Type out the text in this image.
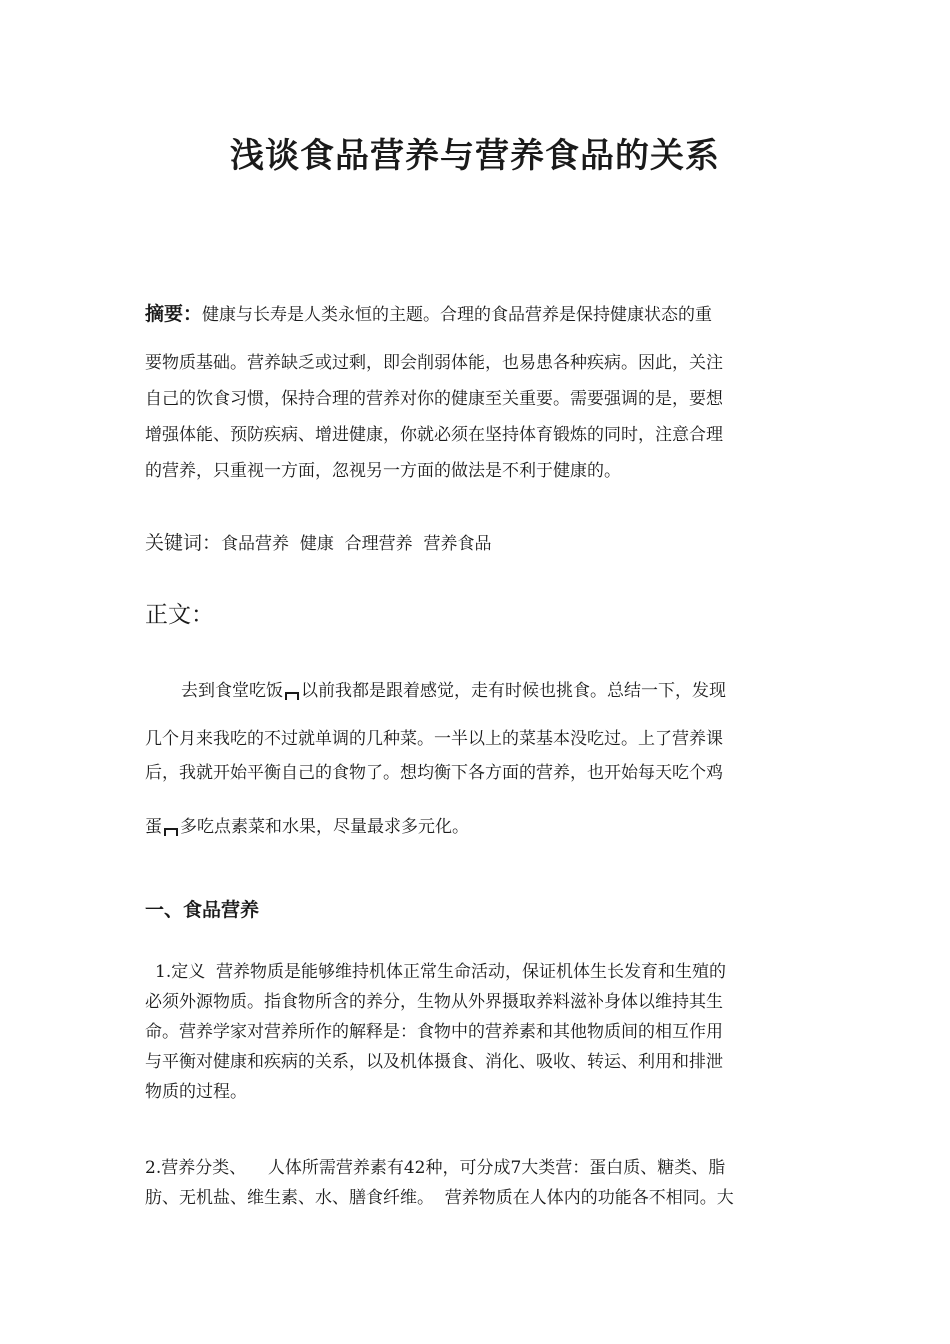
浅谈食品营养与营养食品的关系
摘要：健康与长寿是人类永恒的主题。合理的食品营养是保持健康状态的重
要物质基础。营养缺乏或过剩，即会削弱体能，也易患各种疾病。因此，关注
自己的饮食习惯，保持合理的营养对你的健康至关重要。需要强调的是，要想
增强体能、预防疾病、增进健康，你就必须在坚持体育锻炼的同时，注意合理
的营养，只重视一方面，忽视另一方面的做法是不利于健康的。
关键词：食品营养  健康  合理营养  营养食品
正文：
去到食堂吃饭 以前我都是跟着感觉，走有时候也挑食。总结一下，发现
几个月来我吃的不过就单调的几种菜。一半以上的菜基本没吃过。上了营养课
后，我就开始平衡自己的食物了。想均衡下各方面的营养，也开始每天吃个鸡
蛋 多吃点素菜和水果，尽量最求多元化。
一、食品营养
1.定义  营养物质是能够维持机体正常生命活动，保证机体生长发育和生殖的
必须外源物质。指食物所含的养分，生物从外界摄取养料滋补身体以维持其生
命。营养学家对营养所作的解释是：食物中的营养素和其他物质间的相互作用
与平衡对健康和疾病的关系，以及机体摄食、消化、吸收、转运、利用和排泄
物质的过程。
2.营养分类、    人体所需营养素有42种，可分成7大类营：蛋白质、糖类、脂
肪、无机盐、维生素、水、膳食纤维。  营养物质在人体内的功能各不相同。大
